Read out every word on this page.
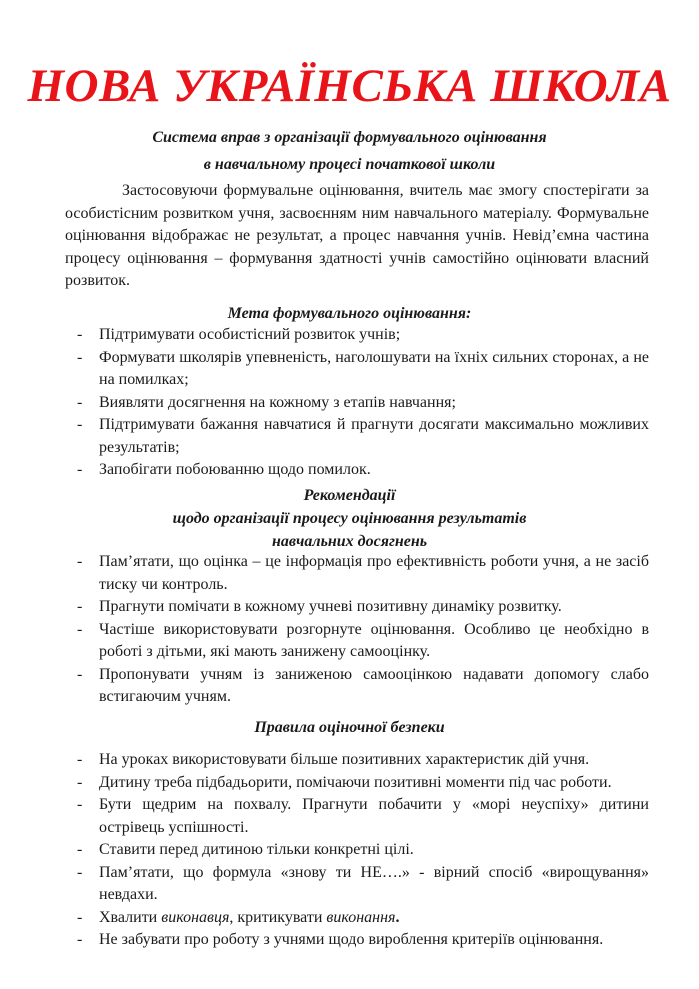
НОВА УКРАЇНСЬКА ШКОЛА
Система вправ з організації формувального оцінювання
в навчальному процесі початкової школи
Застосовуючи формувальне оцінювання, вчитель має змогу спостерігати за особистісним розвитком учня, засвоєнням ним навчального матеріалу. Формувальне оцінювання відображає не результат, а процес навчання учнів. Невід’ємна частина процесу оцінювання – формування здатності учнів самостійно оцінювати власний розвиток.
Мета формувального оцінювання:
- Підтримувати особистісний розвиток учнів;
- Формувати школярів упевненість, наголошувати на їхніх сильних сторонах, а не на помилках;
- Виявляти досягнення на кожному з етапів навчання;
- Підтримувати бажання навчатися й прагнути досягати максимально можливих результатів;
- Запобігати побоюванню щодо помилок.
Рекомендації
щодо організації процесу оцінювання результатів
навчальних досягнень
- Пам’ятати, що оцінка – це інформація про ефективність роботи учня, а не засіб тиску чи контроль.
- Прагнути помічати в кожному учневі позитивну динаміку розвитку.
- Частіше використовувати розгорнуте оцінювання. Особливо це необхідно в роботі з дітьми, які мають занижену самооцінку.
- Пропонувати учням із заниженою самооцінкою надавати допомогу слабо встигаючим учням.
Правила оціночної безпеки
- На уроках використовувати більше позитивних характеристик дій учня.
- Дитину треба підбадьорити, помічаючи позитивні моменти під час роботи.
- Бути щедрим на похвалу. Прагнути побачити у «морі неуспіху» дитини острівець успішності.
- Ставити перед дитиною тільки конкретні цілі.
- Пам’ятати, що формула «знову ти НЕ….» - вірний спосіб «вирощування» невдахи.
- Хвалити виконавця, критикувати виконання.
- Не забувати про роботу з учнями щодо вироблення критеріїв оцінювання.
